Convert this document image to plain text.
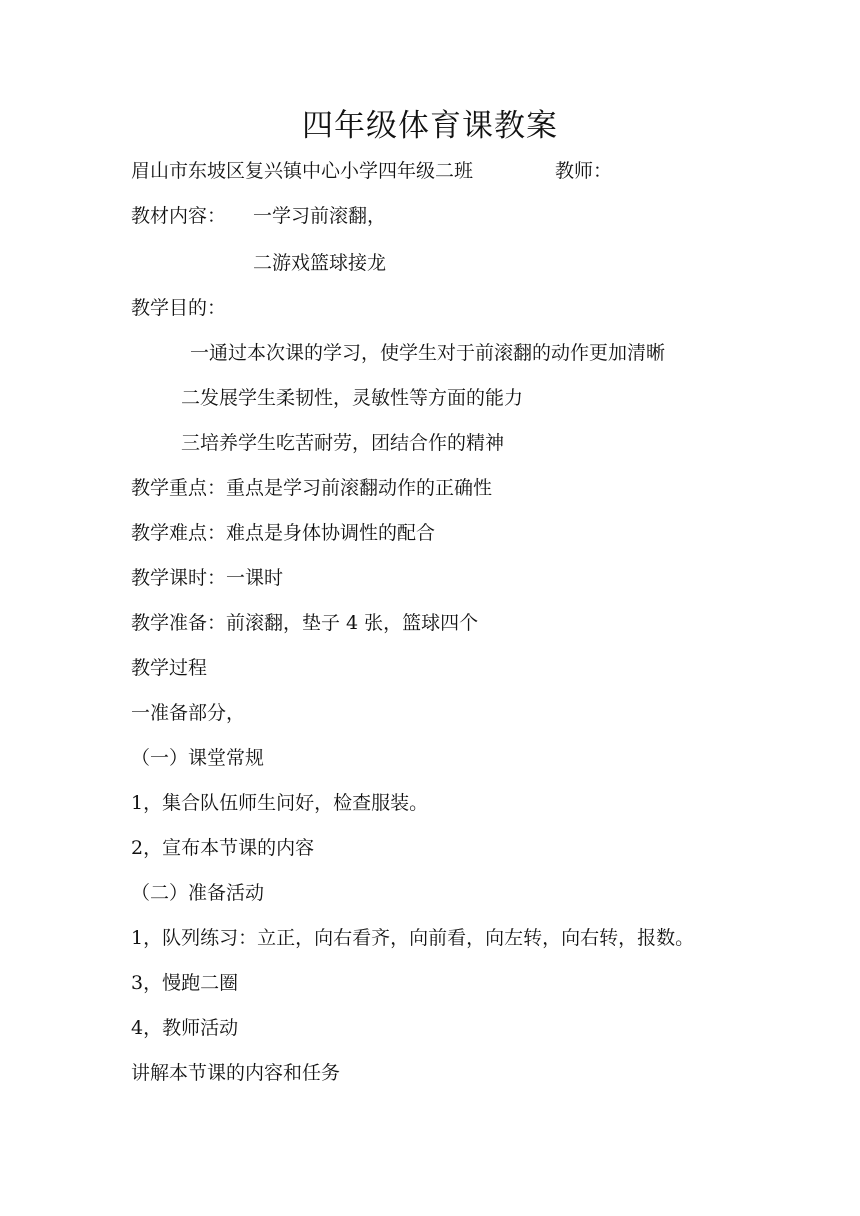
四年级体育课教案
眉山市东坡区复兴镇中心小学四年级二班	教师：
教材内容： 一学习前滚翻，
二游戏篮球接龙
教学目的：
一通过本次课的学习，使学生对于前滚翻的动作更加清晰
二发展学生柔韧性，灵敏性等方面的能力
三培养学生吃苦耐劳，团结合作的精神
教学重点：重点是学习前滚翻动作的正确性
教学难点：难点是身体协调性的配合
教学课时：一课时
教学准备：前滚翻，垫子 4 张，篮球四个
教学过程
一准备部分，
（一）课堂常规
1，集合队伍师生问好，检查服装。
2，宣布本节课的内容
（二）准备活动
1，队列练习：立正，向右看齐，向前看，向左转，向右转，报数。
3，慢跑二圈
4，教师活动
讲解本节课的内容和任务
